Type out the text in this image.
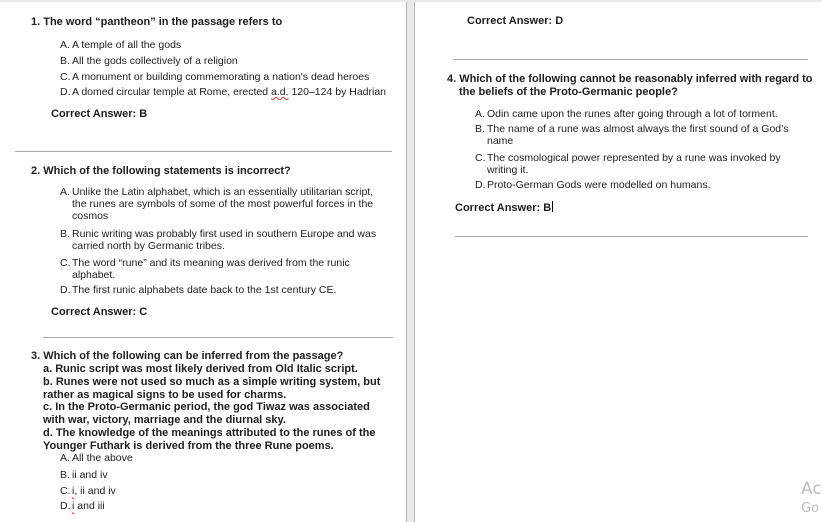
1. The word “pantheon” in the passage refers to
A. A temple of all the gods
B. All the gods collectively of a religion
C. A monument or building commemorating a nation's dead heroes
D. A domed circular temple at Rome, erected a.d. 120–124 by Hadrian
Correct Answer: B
2. Which of the following statements is incorrect?
A. Unlike the Latin alphabet, which is an essentially utilitarian script, the runes are symbols of some of the most powerful forces in the cosmos
B. Runic writing was probably first used in southern Europe and was carried north by Germanic tribes.
C. The word “rune” and its meaning was derived from the runic alphabet.
D. The first runic alphabets date back to the 1st century CE.
Correct Answer: C
3. Which of the following can be inferred from the passage?
a. Runic script was most likely derived from Old Italic script.
b. Runes were not used so much as a simple writing system, but rather as magical signs to be used for charms.
c. In the Proto-Germanic period, the god Tiwaz was associated with war, victory, marriage and the diurnal sky.
d. The knowledge of the meanings attributed to the runes of the Younger Futhark is derived from the three Rune poems.
A. All the above
B. ii and iv
C. i, ii and iv
D. i and iii
Correct Answer: D
4. Which of the following cannot be reasonably inferred with regard to the beliefs of the Proto-Germanic people?
A. Odin came upon the runes after going through a lot of torment.
B. The name of a rune was almost always the first sound of a God’s name
C. The cosmological power represented by a rune was invoked by writing it.
D. Proto-German Gods were modelled on humans.
Correct Answer: B
Ac
Go
